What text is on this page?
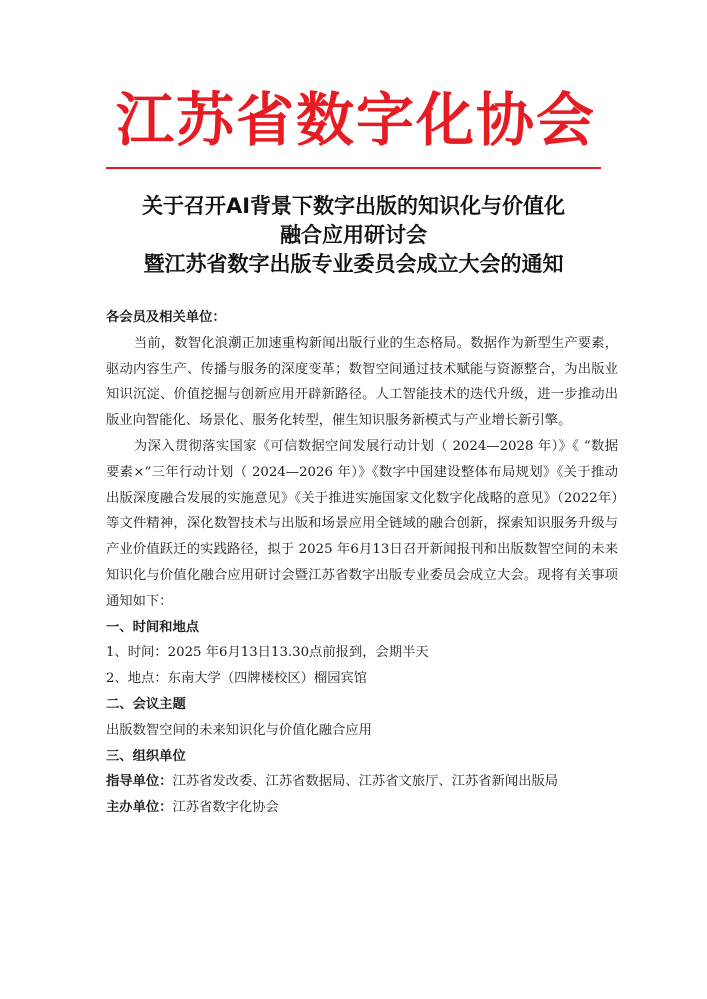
江苏省数字化协会
关于召开AI背景下数字出版的知识化与价值化
融合应用研讨会
暨江苏省数字出版专业委员会成立大会的通知
各会员及相关单位：
当前，数智化浪潮正加速重构新闻出版行业的生态格局。数据作为新型生产要素，驱动内容生产、传播与服务的深度变革；数智空间通过技术赋能与资源整合，为出版业知识沉淀、价值挖掘与创新应用开辟新路径。人工智能技术的迭代升级，进一步推动出版业向智能化、场景化、服务化转型，催生知识服务新模式与产业增长新引擎。
为深入贯彻落实国家《可信数据空间发展行动计划（ 2024—2028 年）》《 “数据要素×”三年行动计划（ 2024—2026 年）》《数字中国建设整体布局规划》《关于推动出版深度融合发展的实施意见》《关于推进实施国家文化数字化战略的意见》（2022年）等文件精神，深化数智技术与出版和场景应用全链域的融合创新，探索知识服务升级与产业价值跃迁的实践路径，拟于 2025 年6月13日召开新闻报刊和出版数智空间的未来知识化与价值化融合应用研讨会暨江苏省数字出版专业委员会成立大会。现将有关事项通知如下：
一、时间和地点
1、时间：2025 年6月13日13.30点前报到，会期半天
2、地点：东南大学（四牌楼校区）榴园宾馆
二、会议主题
出版数智空间的未来知识化与价值化融合应用
三、组织单位
指导单位：江苏省发改委、江苏省数据局、江苏省文旅厅、江苏省新闻出版局
主办单位：江苏省数字化协会
